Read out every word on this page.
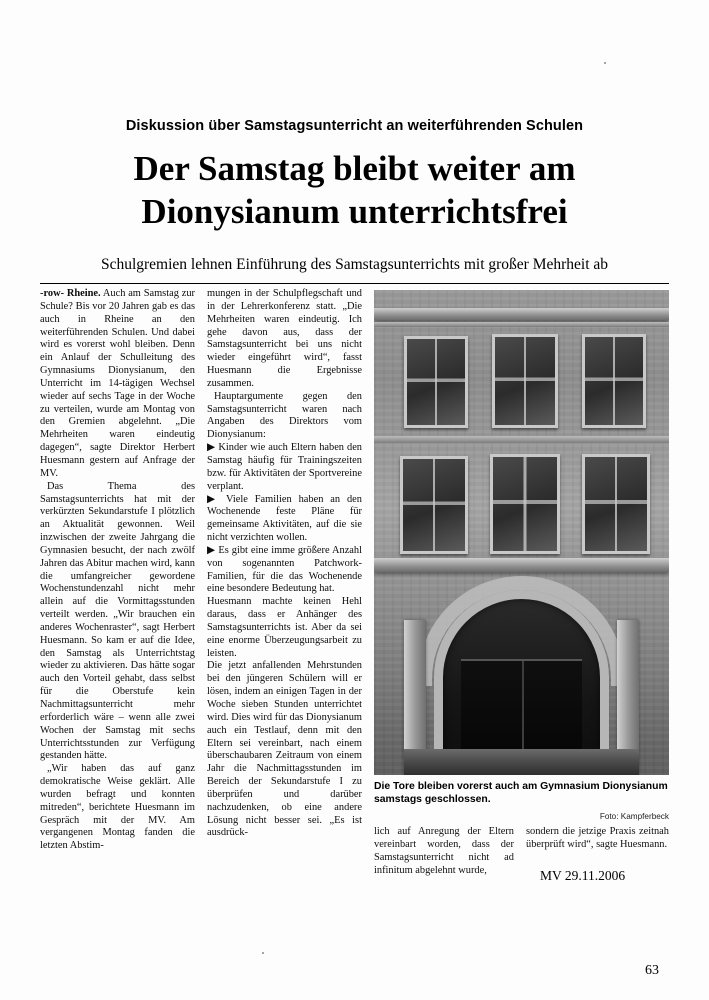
Diskussion über Samstagsunterricht an weiterführenden Schulen
Der Samstag bleibt weiter am
Dionysianum unterrichtsfrei
Schulgremien lehnen Einführung des Samstagsunterrichts mit großer Mehrheit ab

-row- Rheine. Auch am Samstag zur Schule? Bis vor 20 Jahren gab es das auch in Rheine an den weiterführenden Schulen. Und dabei wird es vorerst wohl bleiben. Denn ein Anlauf der Schulleitung des Gymnasiums Dionysianum, den Unterricht im 14-tägigen Wechsel wieder auf sechs Tage in der Woche zu verteilen, wurde am Montag von den Gremien abgelehnt. „Die Mehrheiten waren eindeutig dagegen“, sagte Direktor Herbert Huesmann gestern auf Anfrage der MV.

Das Thema des Samstagsunterrichts hat mit der verkürzten Sekundarstufe I plötzlich an Aktualität gewonnen. Weil inzwischen der zweite Jahrgang die Gymnasien besucht, der nach zwölf Jahren das Abitur machen wird, kann die umfangreicher gewordene Wochenstundenzahl nicht mehr allein auf die Vormittagsstunden verteilt werden. „Wir brauchen ein anderes Wochenraster“, sagt Herbert Huesmann. So kam er auf die Idee, den Samstag als Unterrichtstag wieder zu aktivieren. Das hätte sogar auch den Vorteil gehabt, dass selbst für die Oberstufe kein Nachmittagsunterricht mehr erforderlich wäre – wenn alle zwei Wochen der Samstag mit sechs Unterrichtsstunden zur Verfügung gestanden hätte.

„Wir haben das auf ganz demokratische Weise geklärt. Alle wurden befragt und konnten mitreden“, berichtete Huesmann im Gespräch mit der MV. Am vergangenen Montag fanden die letzten Abstim-

mungen in der Schulpflegschaft und in der Lehrerkonferenz statt. „Die Mehrheiten waren eindeutig. Ich gehe davon aus, dass der Samstagsunterricht bei uns nicht wieder eingeführt wird“, fasst Huesmann die Ergebnisse zusammen.

Hauptargumente gegen den Samstagsunterricht waren nach Angaben des Direktors vom Dionysianum:

▶ Kinder wie auch Eltern haben den Samstag häufig für Trainingszeiten bzw. für Aktivitäten der Sportvereine verplant.

▶ Viele Familien haben an den Wochenende feste Pläne für gemeinsame Aktivitäten, auf die sie nicht verzichten wollen.

▶ Es gibt eine imme größere Anzahl von sogenannten Patchwork-Familien, für die das Wochenende eine besondere Bedeutung hat.

Huesmann machte keinen Hehl daraus, dass er Anhänger des Samstagsunterrichts ist. Aber da sei eine enorme Überzeugungsarbeit zu leisten.

Die jetzt anfallenden Mehrstunden bei den jüngeren Schülern will er lösen, indem an einigen Tagen in der Woche sieben Stunden unterrichtet wird. Dies wird für das Dionysianum auch ein Testlauf, denn mit den Eltern sei vereinbart, nach einem überschaubaren Zeitraum von einem Jahr die Nachmittagsstunden im Bereich der Sekundarstufe I zu überprüfen und darüber nachzudenken, ob eine andere Lösung nicht besser sei. „Es ist ausdrück-

Die Tore bleiben vorerst auch am Gymnasium Dionysianum samstags geschlossen.
Foto: Kampferbeck

lich auf Anregung der Eltern vereinbart worden, dass der Samstagsunterricht nicht ad infinitum abgelehnt wurde,

sondern die jetzige Praxis zeitnah überprüft wird“, sagte Huesmann.

MV 29.11.2006
63
